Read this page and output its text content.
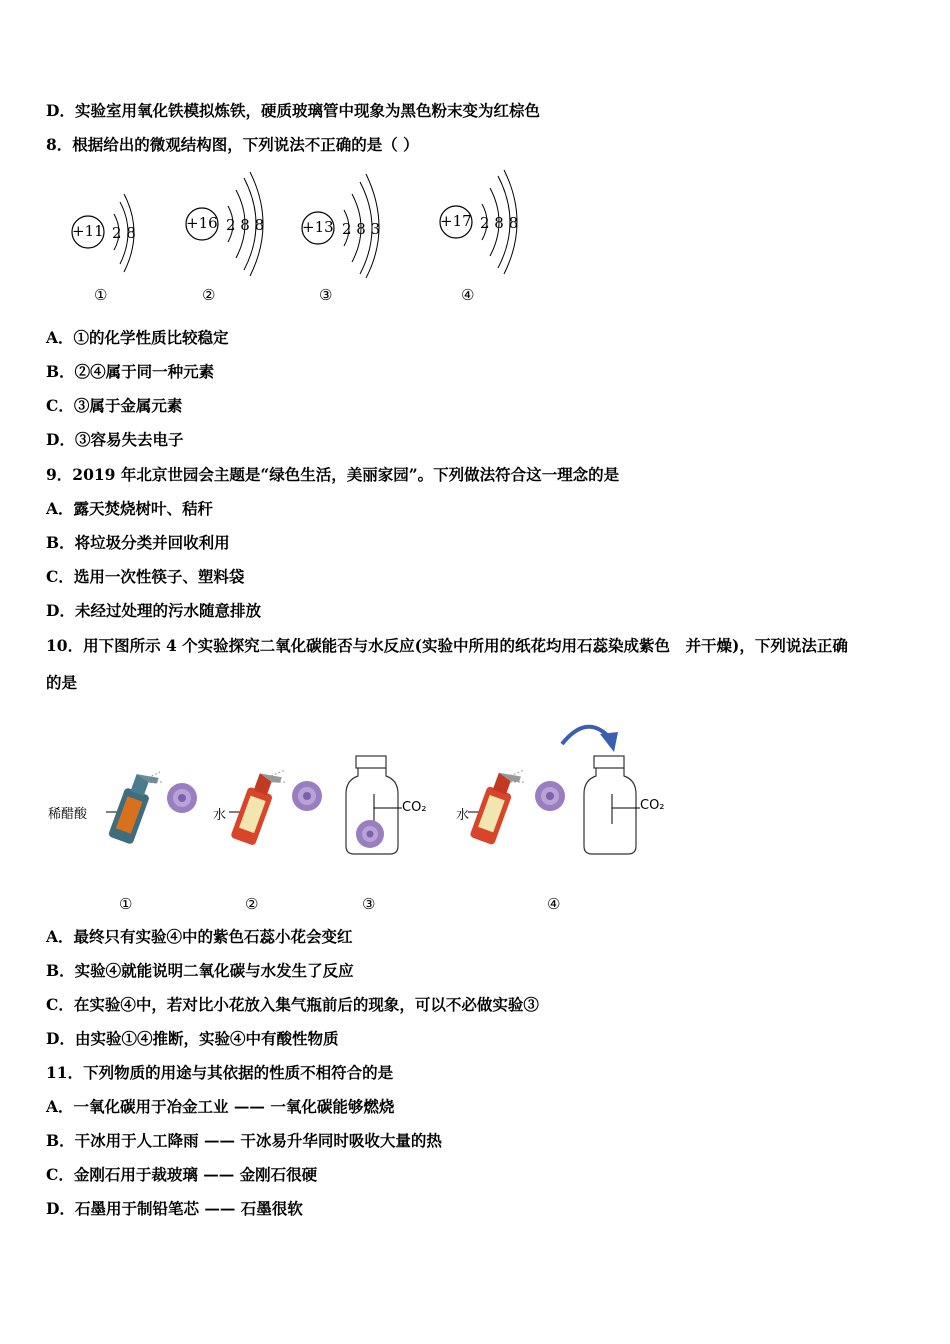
D．实验室用氧化铁模拟炼铁，硬质玻璃管中现象为黑色粉末变为红棕色
8．根据给出的微观结构图，下列说法不正确的是（ ）
+11 2 8
①
+16 2 8 8
②
+13 2 8 3
③
+17 2 8 8
④
A．①的化学性质比较稳定
B．②④属于同一种元素
C．③属于金属元素
D．③容易失去电子
9．2019 年北京世园会主题是“绿色生活，美丽家园”。下列做法符合这一理念的是
A．露天焚烧树叶、秸秆
B．将垃圾分类并回收利用
C．选用一次性筷子、塑料袋
D．未经过处理的污水随意排放
10．用下图所示 4 个实验探究二氧化碳能否与水反应(实验中所用的纸花均用石蕊染成紫色　并干燥)，下列说法正确
的是
稀醋酸	水
CO₂
水
CO₂
①	②	③	④
A．最终只有实验④中的紫色石蕊小花会变红
B．实验④就能说明二氧化碳与水发生了反应
C．在实验④中，若对比小花放入集气瓶前后的现象，可以不必做实验③
D．由实验①④推断，实验④中有酸性物质
11．下列物质的用途与其依据的性质不相符合的是
A．一氧化碳用于冶金工业 —— 一氧化碳能够燃烧
B．干冰用于人工降雨 —— 干冰易升华同时吸收大量的热
C．金刚石用于裁玻璃 —— 金刚石很硬
D．石墨用于制铅笔芯 —— 石墨很软
